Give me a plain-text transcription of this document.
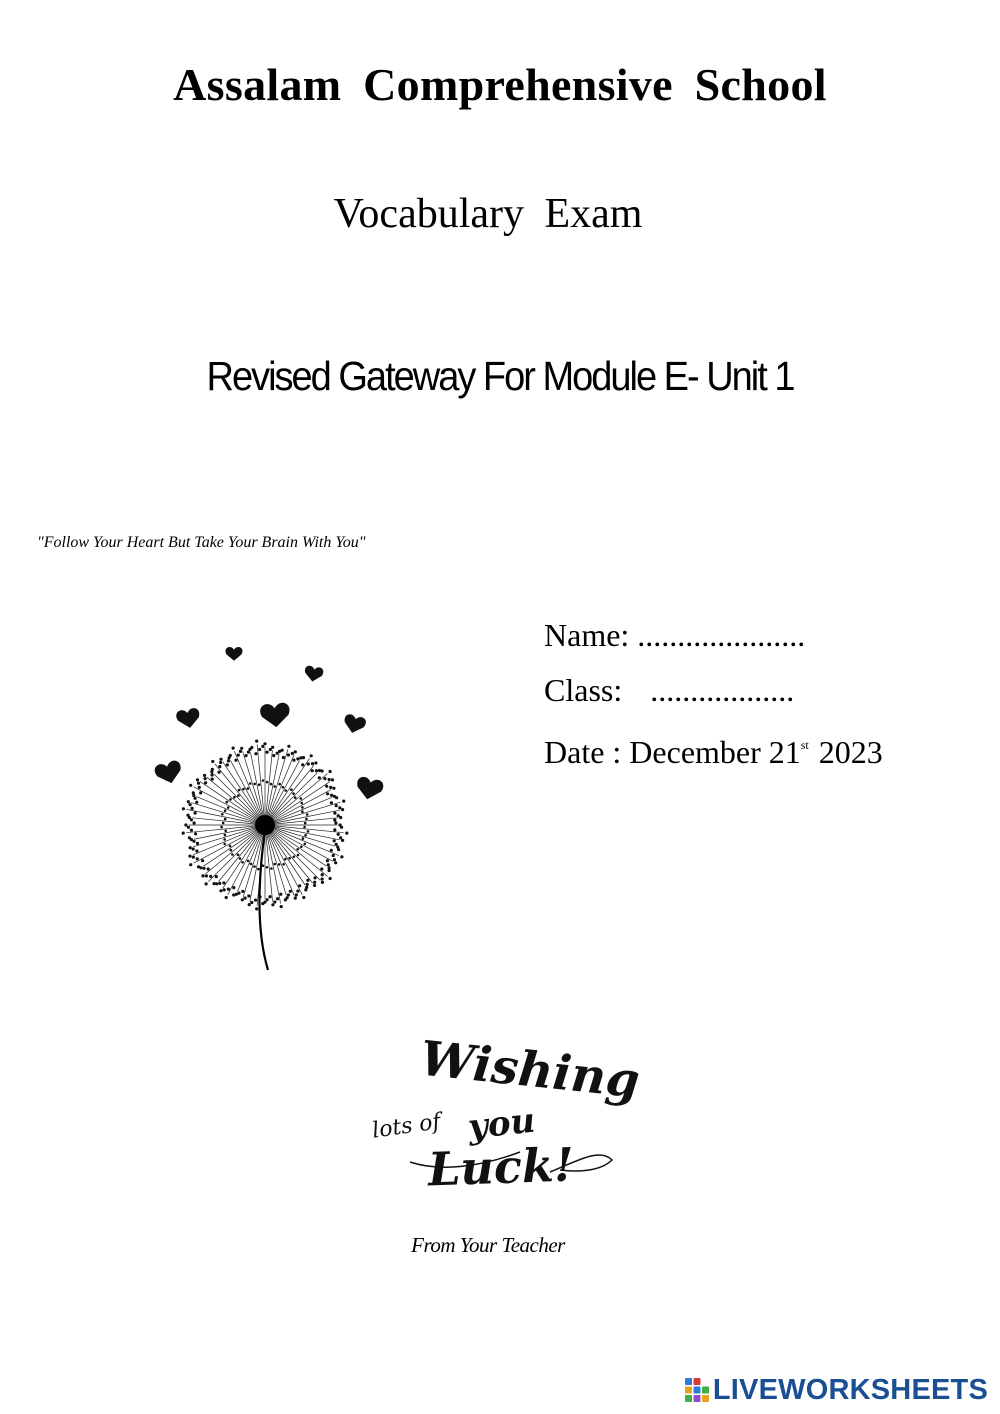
Assalam Comprehensive School
Vocabulary Exam
Revised Gateway For Module E- Unit 1
"Follow Your Heart But Take Your Brain With You"
Name: .....................
Class: ..................
Date : December 21st 2023
Wishing
lots of you
Luck!
From Your Teacher
LIVEWORKSHEETS
